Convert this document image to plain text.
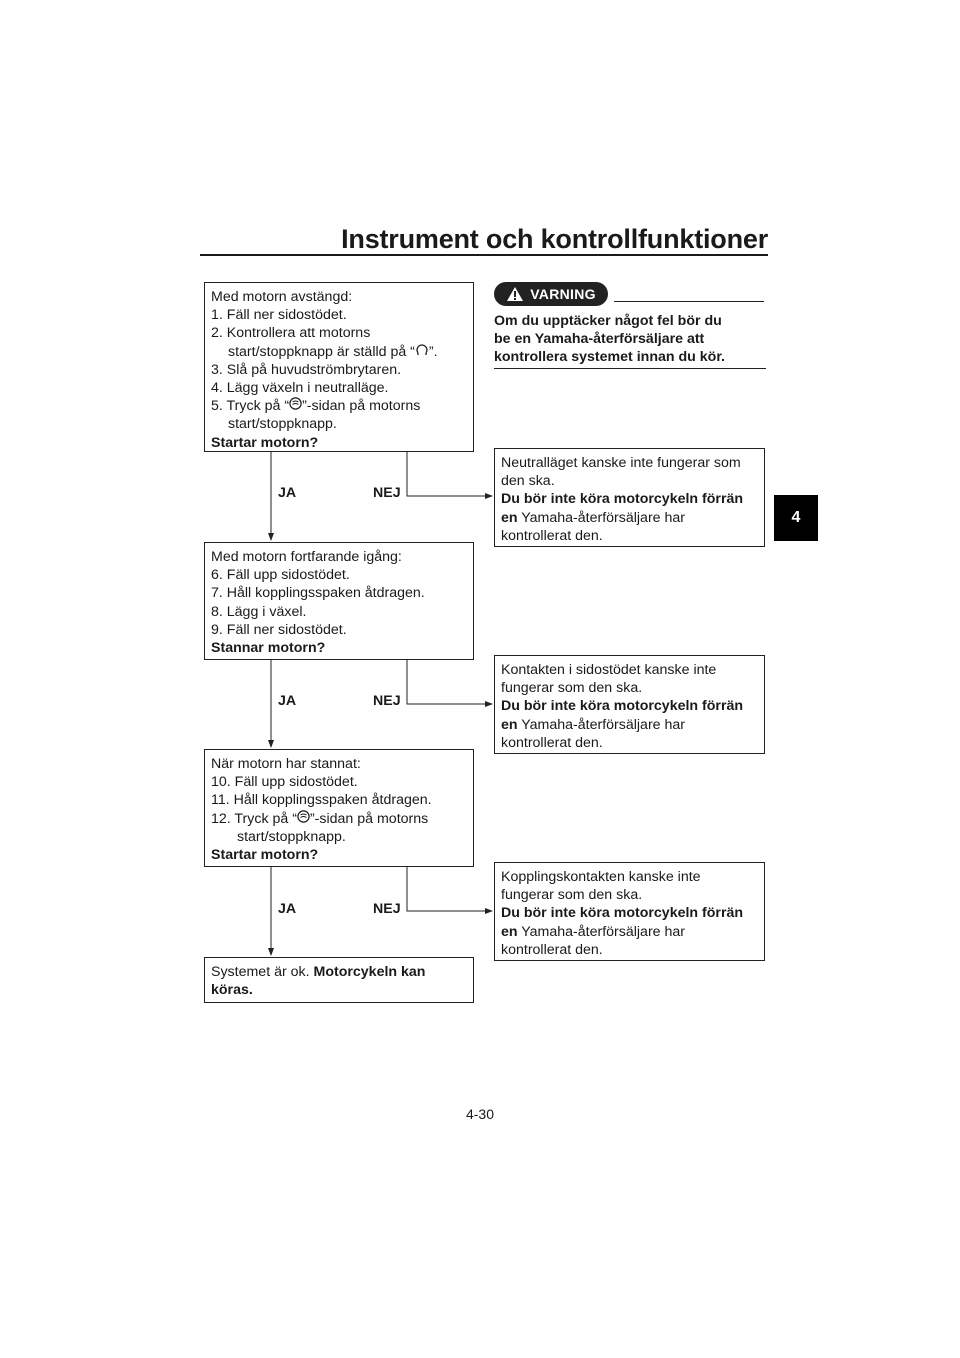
Instrument och kontrollfunktioner
4
VARNING
Om du upptäcker något fel bör du
be en Yamaha-återförsäljare att
kontrollera systemet innan du kör.
Med motorn avstängd:
1. Fäll ner sidostödet.
2. Kontrollera att motorns
start/stoppknapp är ställd på “ ”.
3. Slå på huvudströmbrytaren.
4. Lägg växeln i neutralläge.
5. Tryck på “ ”-sidan på motorns
start/stoppknapp.
Startar motorn?
JA	NEJ
Neutralläget kanske inte fungerar som
den ska.
Du bör inte köra motorcykeln förrän
en Yamaha-återförsäljare har
kontrollerat den.
Med motorn fortfarande igång:
6. Fäll upp sidostödet.
7. Håll kopplingsspaken åtdragen.
8. Lägg i växel.
9. Fäll ner sidostödet.
Stannar motorn?
JA	NEJ
Kontakten i sidostödet kanske inte
fungerar som den ska.
Du bör inte köra motorcykeln förrän
en Yamaha-återförsäljare har
kontrollerat den.
När motorn har stannat:
10. Fäll upp sidostödet.
11. Håll kopplingsspaken åtdragen.
12. Tryck på “ ”-sidan på motorns
start/stoppknapp.
Startar motorn?
JA	NEJ
Kopplingskontakten kanske inte
fungerar som den ska.
Du bör inte köra motorcykeln förrän
en Yamaha-återförsäljare har
kontrollerat den.
Systemet är ok. Motorcykeln kan
köras.
4-30
